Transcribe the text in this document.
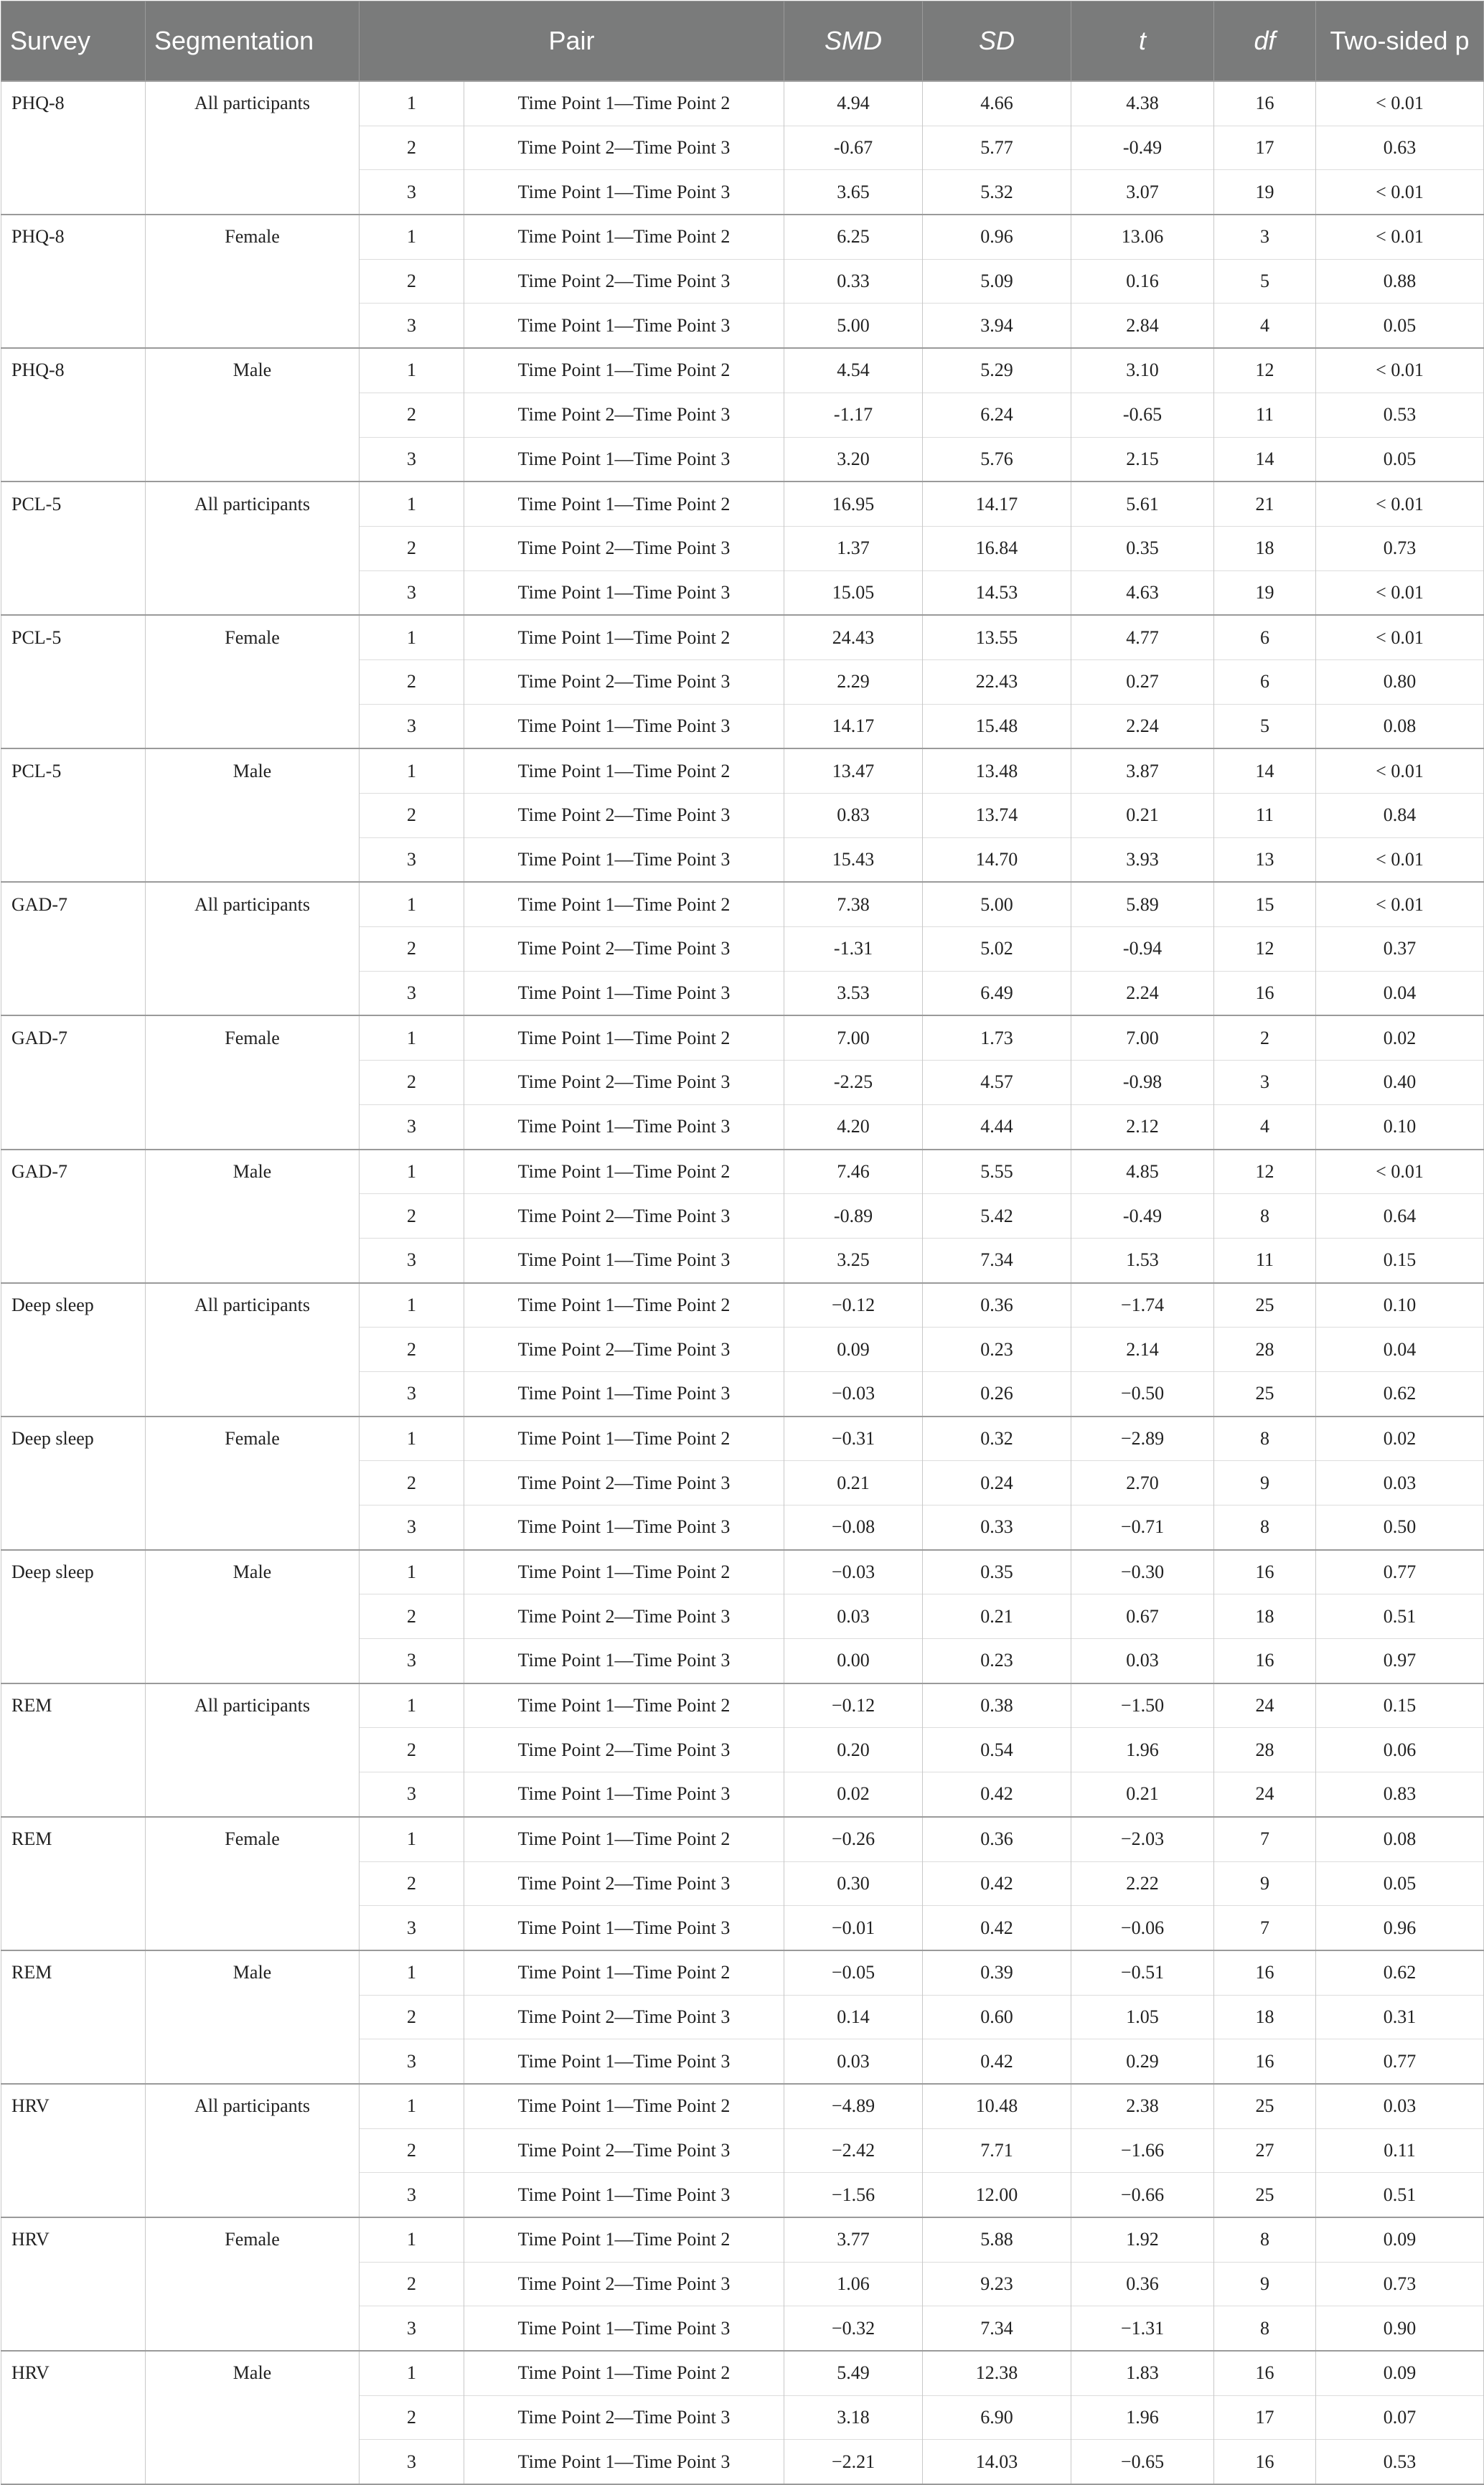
Survey	Segmentation	Pair		SMD	SD	t	df	Two-sided p
PHQ-8	All participants	1	Time Point 1—Time Point 2	4.94	4.66	4.38	16	< 0.01
		2	Time Point 2—Time Point 3	-0.67	5.77	-0.49	17	0.63
		3	Time Point 1—Time Point 3	3.65	5.32	3.07	19	< 0.01
PHQ-8	Female	1	Time Point 1—Time Point 2	6.25	0.96	13.06	3	< 0.01
		2	Time Point 2—Time Point 3	0.33	5.09	0.16	5	0.88
		3	Time Point 1—Time Point 3	5.00	3.94	2.84	4	0.05
PHQ-8	Male	1	Time Point 1—Time Point 2	4.54	5.29	3.10	12	< 0.01
		2	Time Point 2—Time Point 3	-1.17	6.24	-0.65	11	0.53
		3	Time Point 1—Time Point 3	3.20	5.76	2.15	14	0.05
PCL-5	All participants	1	Time Point 1—Time Point 2	16.95	14.17	5.61	21	< 0.01
		2	Time Point 2—Time Point 3	1.37	16.84	0.35	18	0.73
		3	Time Point 1—Time Point 3	15.05	14.53	4.63	19	< 0.01
PCL-5	Female	1	Time Point 1—Time Point 2	24.43	13.55	4.77	6	< 0.01
		2	Time Point 2—Time Point 3	2.29	22.43	0.27	6	0.80
		3	Time Point 1—Time Point 3	14.17	15.48	2.24	5	0.08
PCL-5	Male	1	Time Point 1—Time Point 2	13.47	13.48	3.87	14	< 0.01
		2	Time Point 2—Time Point 3	0.83	13.74	0.21	11	0.84
		3	Time Point 1—Time Point 3	15.43	14.70	3.93	13	< 0.01
GAD-7	All participants	1	Time Point 1—Time Point 2	7.38	5.00	5.89	15	< 0.01
		2	Time Point 2—Time Point 3	-1.31	5.02	-0.94	12	0.37
		3	Time Point 1—Time Point 3	3.53	6.49	2.24	16	0.04
GAD-7	Female	1	Time Point 1—Time Point 2	7.00	1.73	7.00	2	0.02
		2	Time Point 2—Time Point 3	-2.25	4.57	-0.98	3	0.40
		3	Time Point 1—Time Point 3	4.20	4.44	2.12	4	0.10
GAD-7	Male	1	Time Point 1—Time Point 2	7.46	5.55	4.85	12	< 0.01
		2	Time Point 2—Time Point 3	-0.89	5.42	-0.49	8	0.64
		3	Time Point 1—Time Point 3	3.25	7.34	1.53	11	0.15
Deep sleep	All participants	1	Time Point 1—Time Point 2	−0.12	0.36	−1.74	25	0.10
		2	Time Point 2—Time Point 3	0.09	0.23	2.14	28	0.04
		3	Time Point 1—Time Point 3	−0.03	0.26	−0.50	25	0.62
Deep sleep	Female	1	Time Point 1—Time Point 2	−0.31	0.32	−2.89	8	0.02
		2	Time Point 2—Time Point 3	0.21	0.24	2.70	9	0.03
		3	Time Point 1—Time Point 3	−0.08	0.33	−0.71	8	0.50
Deep sleep	Male	1	Time Point 1—Time Point 2	−0.03	0.35	−0.30	16	0.77
		2	Time Point 2—Time Point 3	0.03	0.21	0.67	18	0.51
		3	Time Point 1—Time Point 3	0.00	0.23	0.03	16	0.97
REM	All participants	1	Time Point 1—Time Point 2	−0.12	0.38	−1.50	24	0.15
		2	Time Point 2—Time Point 3	0.20	0.54	1.96	28	0.06
		3	Time Point 1—Time Point 3	0.02	0.42	0.21	24	0.83
REM	Female	1	Time Point 1—Time Point 2	−0.26	0.36	−2.03	7	0.08
		2	Time Point 2—Time Point 3	0.30	0.42	2.22	9	0.05
		3	Time Point 1—Time Point 3	−0.01	0.42	−0.06	7	0.96
REM	Male	1	Time Point 1—Time Point 2	−0.05	0.39	−0.51	16	0.62
		2	Time Point 2—Time Point 3	0.14	0.60	1.05	18	0.31
		3	Time Point 1—Time Point 3	0.03	0.42	0.29	16	0.77
HRV	All participants	1	Time Point 1—Time Point 2	−4.89	10.48	2.38	25	0.03
		2	Time Point 2—Time Point 3	−2.42	7.71	−1.66	27	0.11
		3	Time Point 1—Time Point 3	−1.56	12.00	−0.66	25	0.51
HRV	Female	1	Time Point 1—Time Point 2	3.77	5.88	1.92	8	0.09
		2	Time Point 2—Time Point 3	1.06	9.23	0.36	9	0.73
		3	Time Point 1—Time Point 3	−0.32	7.34	−1.31	8	0.90
HRV	Male	1	Time Point 1—Time Point 2	5.49	12.38	1.83	16	0.09
		2	Time Point 2—Time Point 3	3.18	6.90	1.96	17	0.07
		3	Time Point 1—Time Point 3	−2.21	14.03	−0.65	16	0.53
